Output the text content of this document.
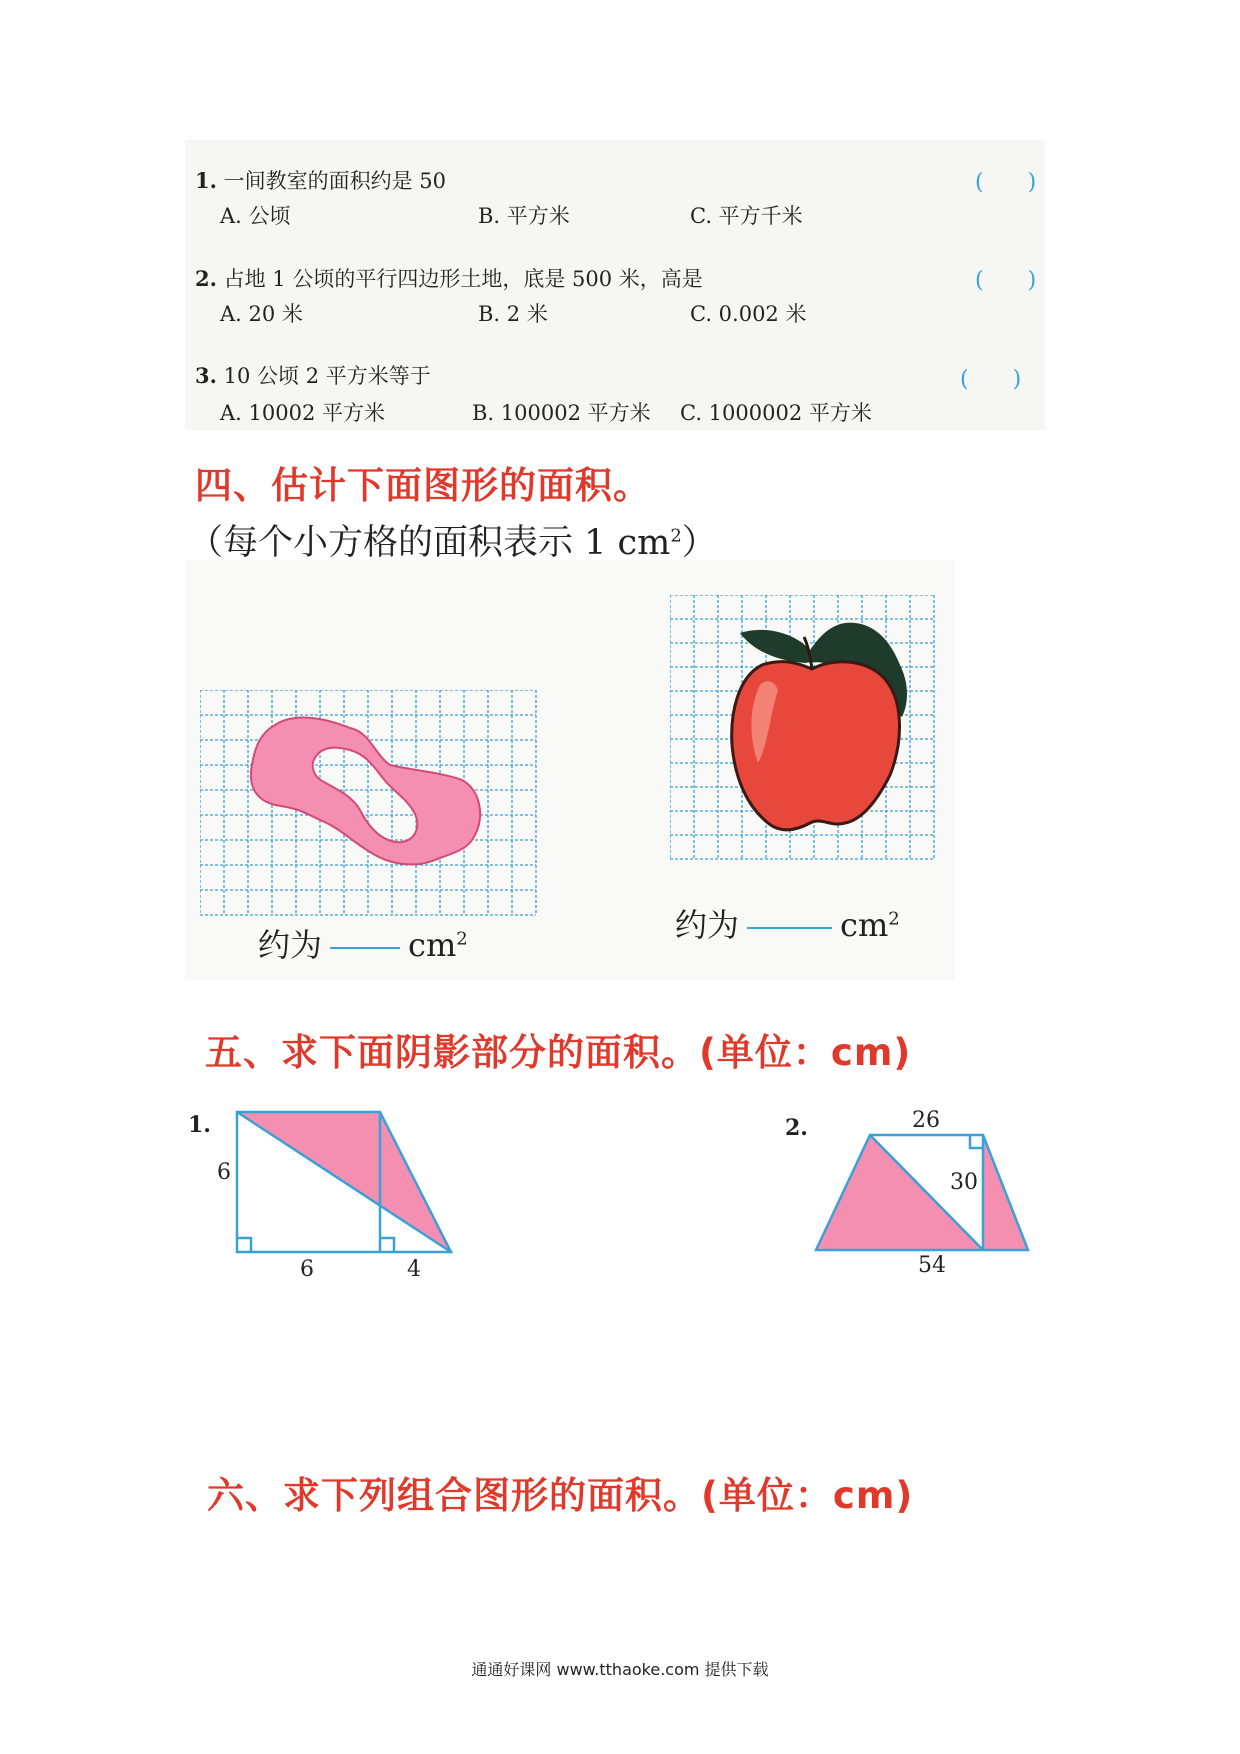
1. 一间教室的面积约是 50	(　　)
A. 公顷	B. 平方米	C. 平方千米
2. 占地 1 公顷的平行四边形土地，底是 500 米，高是	(　　)
A. 20 米	B. 2 米	C. 0.002 米
3. 10 公顷 2 平方米等于	(　　)
A. 10002 平方米	B. 100002 平方米 C. 1000002 平方米
四、估计下面图形的面积。
（每个小方格的面积表示 1 $cm^2$）
约为	$cm^2$	约为	$cm^2$
五、求下面阴影部分的面积。(单位：cm)
1.
6
6	4
2.	26
30
54
六、求下列组合图形的面积。(单位：cm)
通通好课网 www.tthaoke.com 提供下载
